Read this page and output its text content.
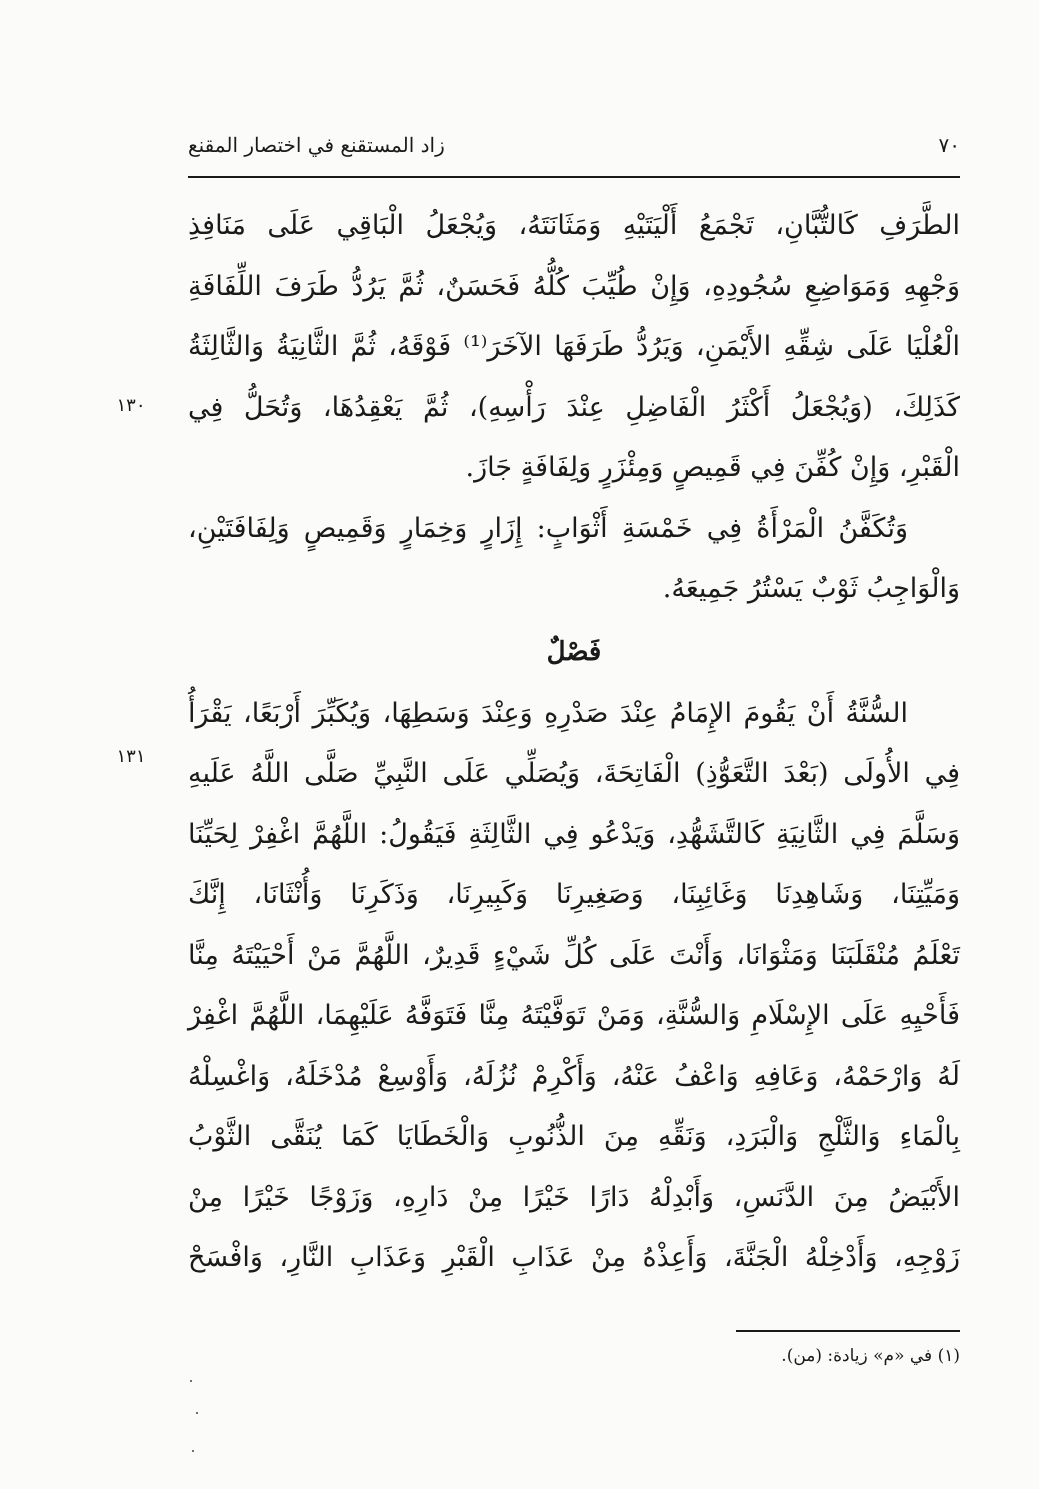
٧٠
زاد المستقنع في اختصار المقنع
الطَّرَفِ كَالتُّبَّانِ، تَجْمَعُ أَلْيَتَيْهِ وَمَثَانَتَهُ، وَيُجْعَلُ الْبَاقِي عَلَى مَنَافِذِ
وَجْهِهِ وَمَوَاضِعِ سُجُودِهِ، وَإِنْ طُيِّبَ كُلُّهُ فَحَسَنٌ، ثُمَّ يَرُدُّ طَرَفَ اللِّفَافَةِ
الْعُلْيَا عَلَى شِقِّهِ الأَيْمَنِ، وَيَرُدُّ طَرَفَهَا الآخَرَ⁽¹⁾ فَوْقَهُ، ثُمَّ الثَّانِيَةُ وَالثَّالِثَةُ
كَذَلِكَ، (وَيُجْعَلُ أَكْثَرُ الْفَاضِلِ عِنْدَ رَأْسِهِ)، ثُمَّ يَعْقِدُهَا، وَتُحَلُّ فِي
الْقَبْرِ، وَإِنْ كُفِّنَ فِي قَمِيصٍ وَمِئْزَرٍ وَلِفَافَةٍ جَازَ.
وَتُكَفَّنُ الْمَرْأَةُ فِي خَمْسَةِ أَثْوَابٍ: إِزَارٍ وَخِمَارٍ وَقَمِيصٍ وَلِفَافَتَيْنِ،
وَالْوَاجِبُ ثَوْبٌ يَسْتُرُ جَمِيعَهُ.
فَصْلٌ
السُّنَّةُ أَنْ يَقُومَ الإِمَامُ عِنْدَ صَدْرِهِ وَعِنْدَ وَسَطِهَا، وَيُكَبِّرَ أَرْبَعًا، يَقْرَأُ
فِي الأُولَى (بَعْدَ التَّعَوُّذِ) الْفَاتِحَةَ، وَيُصَلِّي عَلَى النَّبِيِّ صَلَّى اللَّهُ عَلَيهِ
وَسَلَّمَ فِي الثَّانِيَةِ كَالتَّشَهُّدِ، وَيَدْعُو فِي الثَّالِثَةِ فَيَقُولُ: اللَّهُمَّ اغْفِرْ لِحَيِّنَا
وَمَيِّتِنَا، وَشَاهِدِنَا وَغَائِبِنَا، وَصَغِيرِنَا وَكَبِيرِنَا، وَذَكَرِنَا وَأُنْثَانَا، إِنَّكَ
تَعْلَمُ مُنْقَلَبَنَا وَمَثْوَانَا، وَأَنْتَ عَلَى كُلِّ شَيْءٍ قَدِيرٌ، اللَّهُمَّ مَنْ أَحْيَيْتَهُ مِنَّا
فَأَحْيِهِ عَلَى الإِسْلَامِ وَالسُّنَّةِ، وَمَنْ تَوَفَّيْتَهُ مِنَّا فَتَوَفَّهُ عَلَيْهِمَا، اللَّهُمَّ اغْفِرْ
لَهُ وَارْحَمْهُ، وَعَافِهِ وَاعْفُ عَنْهُ، وَأَكْرِمْ نُزُلَهُ، وَأَوْسِعْ مُدْخَلَهُ، وَاغْسِلْهُ
بِالْمَاءِ وَالثَّلْجِ وَالْبَرَدِ، وَنَقِّهِ مِنَ الذُّنُوبِ وَالْخَطَايَا كَمَا يُنَقَّى الثَّوْبُ
الأَبْيَضُ مِنَ الدَّنَسِ، وَأَبْدِلْهُ دَارًا خَيْرًا مِنْ دَارِهِ، وَزَوْجًا خَيْرًا مِنْ
زَوْجِهِ، وَأَدْخِلْهُ الْجَنَّةَ، وَأَعِذْهُ مِنْ عَذَابِ الْقَبْرِ وَعَذَابِ النَّارِ، وَافْسَحْ
١٣٠
١٣١
(١) في «م» زيادة: (من).
